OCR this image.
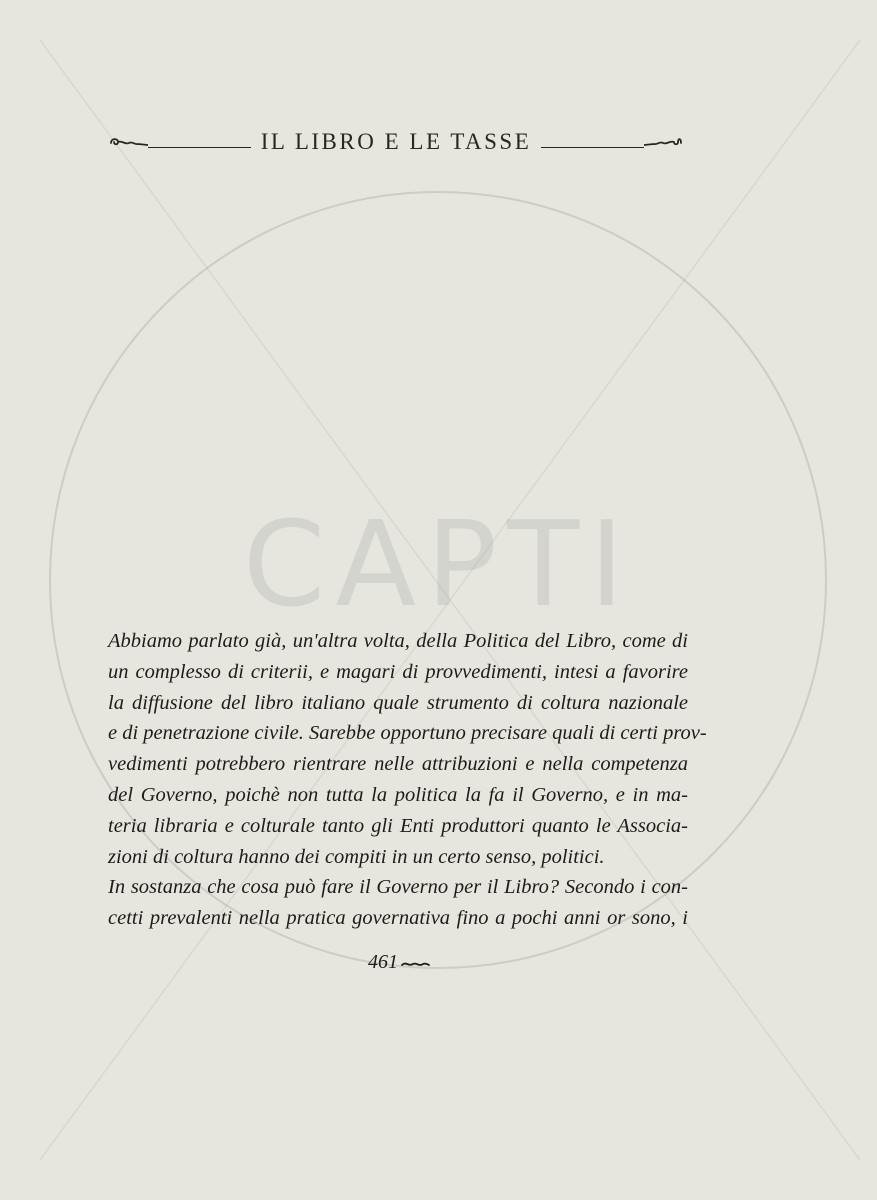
CAPTI
IL LIBRO E LE TASSE
Abbiamo parlato già, un'altra volta, della Politica del Libro, come di
un complesso di criterii, e magari di provvedimenti, intesi a favorire
la diffusione del libro italiano quale strumento di coltura nazionale
e di penetrazione civile. Sarebbe opportuno precisare quali di certi prov-
vedimenti potrebbero rientrare nelle attribuzioni e nella competenza
del Governo, poichè non tutta la politica la fa il Governo, e in ma-
teria libraria e colturale tanto gli Enti produttori quanto le Associa-
zioni di coltura hanno dei compiti in un certo senso, politici.
In sostanza che cosa può fare il Governo per il Libro? Secondo i con-
cetti prevalenti nella pratica governativa fino a pochi anni or sono, i
461
